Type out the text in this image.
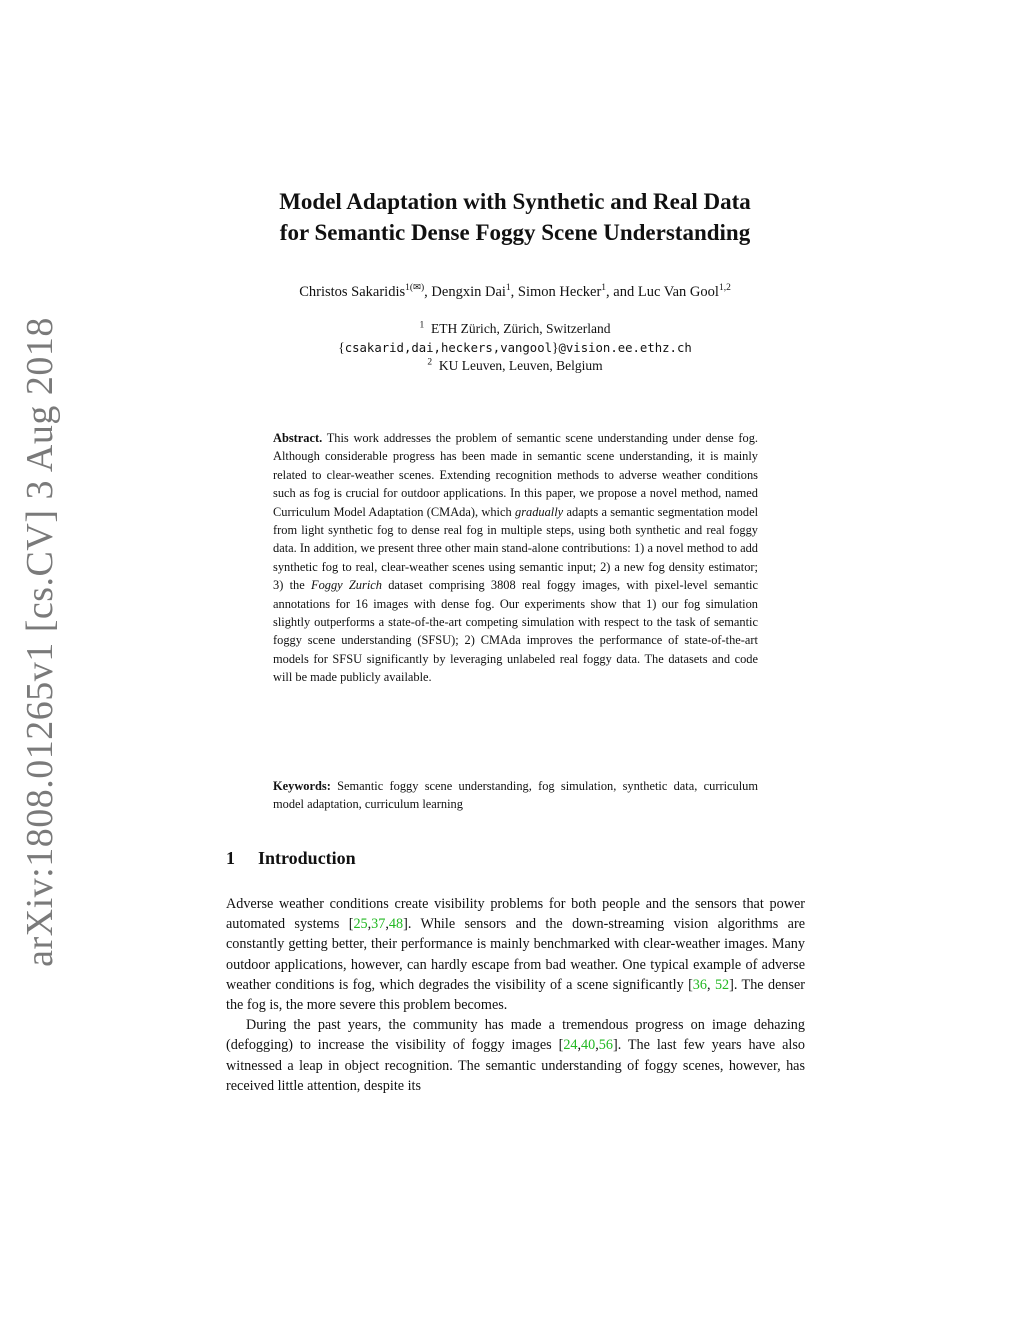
arXiv:1808.01265v1 [cs.CV] 3 Aug 2018
Model Adaptation with Synthetic and Real Data
for Semantic Dense Foggy Scene Understanding
Christos Sakaridis$^{1(✉)}$, Dengxin Dai$^1$, Simon Hecker$^1$, and Luc Van Gool$^{1,2}$
$^1$ ETH Zürich, Zürich, Switzerland
{csakarid,dai,heckers,vangool}@vision.ee.ethz.ch
$^2$ KU Leuven, Leuven, Belgium
Abstract. This work addresses the problem of semantic scene understanding under dense fog. Although considerable progress has been made in semantic scene understanding, it is mainly related to clear-weather scenes. Extending recognition methods to adverse weather conditions such as fog is crucial for outdoor applications. In this paper, we propose a novel method, named Curriculum Model Adaptation (CMAda), which gradually adapts a semantic segmentation model from light synthetic fog to dense real fog in multiple steps, using both synthetic and real foggy data. In addition, we present three other main stand-alone contributions: 1) a novel method to add synthetic fog to real, clear-weather scenes using semantic input; 2) a new fog density estimator; 3) the Foggy Zurich dataset comprising 3808 real foggy images, with pixel-level semantic annotations for 16 images with dense fog. Our experiments show that 1) our fog simulation slightly outperforms a state-of-the-art competing simulation with respect to the task of semantic foggy scene understanding (SFSU); 2) CMAda improves the performance of state-of-the-art models for SFSU significantly by leveraging unlabeled real foggy data. The datasets and code will be made publicly available.
Keywords: Semantic foggy scene understanding, fog simulation, synthetic data, curriculum model adaptation, curriculum learning
1 Introduction

Adverse weather conditions create visibility problems for both people and the sensors that power automated systems [25,37,48]. While sensors and the down-streaming vision algorithms are constantly getting better, their performance is mainly benchmarked with clear-weather images. Many outdoor applications, however, can hardly escape from bad weather. One typical example of adverse weather conditions is fog, which degrades the visibility of a scene significantly [36, 52]. The denser the fog is, the more severe this problem becomes.

During the past years, the community has made a tremendous progress on image dehazing (defogging) to increase the visibility of foggy images [24,40,56]. The last few years have also witnessed a leap in object recognition. The semantic understanding of foggy scenes, however, has received little attention, despite its
